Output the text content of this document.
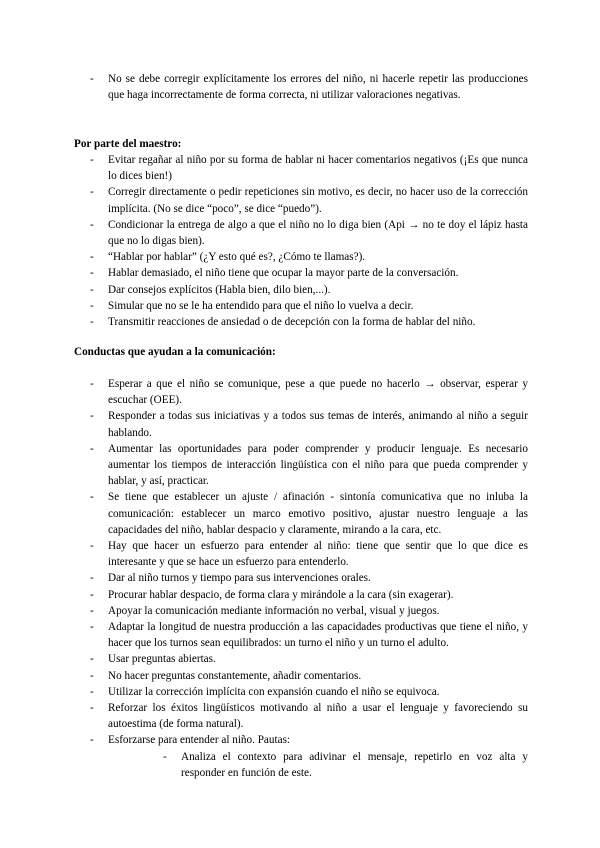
- No se debe corregir explícitamente los errores del niño, ni hacerle repetir las producciones que haga incorrectamente de forma correcta, ni utilizar valoraciones negativas.

Por parte del maestro:

- Evitar regañar al niño por su forma de hablar ni hacer comentarios negativos (¡Es que nunca lo dices bien!)
- Corregir directamente o pedir repeticiones sin motivo, es decir, no hacer uso de la corrección implícita. (No se dice “poco”, se dice “puedo”).
- Condicionar la entrega de algo a que el niño no lo diga bien (Api → no te doy el lápiz hasta que no lo digas bien).
- “Hablar por hablar” (¿Y esto qué es?, ¿Cómo te llamas?).
- Hablar demasiado, el niño tiene que ocupar la mayor parte de la conversación.
- Dar consejos explícitos (Habla bien, dilo bien,...).
- Simular que no se le ha entendido para que el niño lo vuelva a decir.
- Transmitir reacciones de ansiedad o de decepción con la forma de hablar del niño.

Conductas que ayudan a la comunicación:

- Esperar a que el niño se comunique, pese a que puede no hacerlo → observar, esperar y escuchar (OEE).
- Responder a todas sus iniciativas y a todos sus temas de interés, animando al niño a seguir hablando.
- Aumentar las oportunidades para poder comprender y producir lenguaje. Es necesario aumentar los tiempos de interacción lingüística con el niño para que pueda comprender y hablar, y así, practicar.
- Se tiene que establecer un ajuste / afinación - sintonía comunicativa que no inluba la comunicación: establecer un marco emotivo positivo, ajustar nuestro lenguaje a las capacidades del niño, hablar despacio y claramente, mirando a la cara, etc.
- Hay que hacer un esfuerzo para entender al niño: tiene que sentir que lo que dice es interesante y que se hace un esfuerzo para entenderlo.
- Dar al niño turnos y tiempo para sus intervenciones orales.
- Procurar hablar despacio, de forma clara y mirándole a la cara (sin exagerar).
- Apoyar la comunicación mediante información no verbal, visual y juegos.
- Adaptar la longitud de nuestra producción a las capacidades productivas que tiene el niño, y hacer que los turnos sean equilibrados: un turno el niño y un turno el adulto.
- Usar preguntas abiertas.
- No hacer preguntas constantemente, añadir comentarios.
- Utilizar la corrección implícita con expansión cuando el niño se equivoca.
- Reforzar los éxitos lingüísticos motivando al niño a usar el lenguaje y favoreciendo su autoestima (de forma natural).
- Esforzarse para entender al niño. Pautas:
- Analiza el contexto para adivinar el mensaje, repetirlo en voz alta y responder en función de este.
